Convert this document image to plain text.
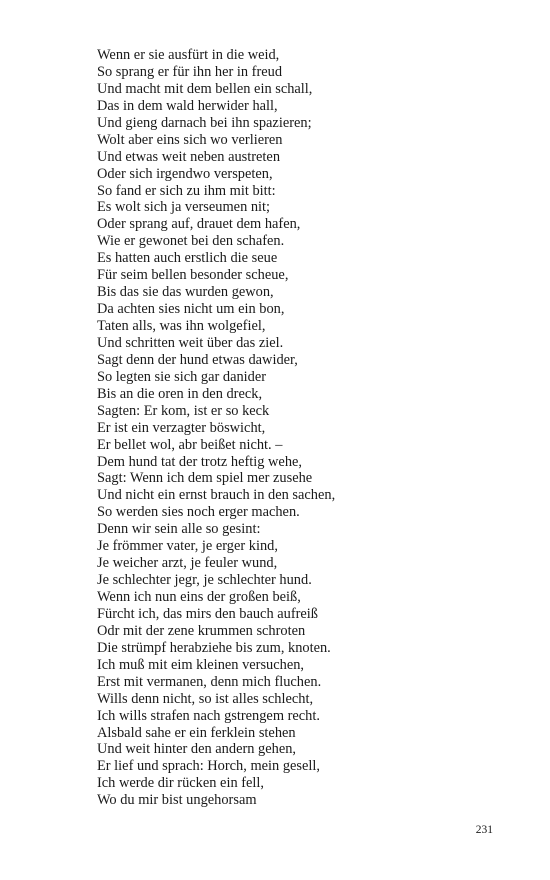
Wenn er sie ausfürt in die weid,
So sprang er für ihn her in freud
Und macht mit dem bellen ein schall,
Das in dem wald herwider hall,
Und gieng darnach bei ihn spazieren;
Wolt aber eins sich wo verlieren
Und etwas weit neben austreten
Oder sich irgendwo verspeten,
So fand er sich zu ihm mit bitt:
Es wolt sich ja verseumen nit;
Oder sprang auf, drauet dem hafen,
Wie er gewonet bei den schafen.
Es hatten auch erstlich die seue
Für seim bellen besonder scheue,
Bis das sie das wurden gewon,
Da achten sies nicht um ein bon,
Taten alls, was ihn wolgefiel,
Und schritten weit über das ziel.
Sagt denn der hund etwas dawider,
So legten sie sich gar danider
Bis an die oren in den dreck,
Sagten: Er kom, ist er so keck
Er ist ein verzagter böswicht,
Er bellet wol, abr beißet nicht. –
Dem hund tat der trotz heftig wehe,
Sagt: Wenn ich dem spiel mer zusehe
Und nicht ein ernst brauch in den sachen,
So werden sies noch erger machen.
Denn wir sein alle so gesint:
Je frömmer vater, je erger kind,
Je weicher arzt, je feuler wund,
Je schlechter jegr, je schlechter hund.
Wenn ich nun eins der großen beiß,
Fürcht ich, das mirs den bauch aufreiß
Odr mit der zene krummen schroten
Die strümpf herabziehe bis zum, knoten.
Ich muß mit eim kleinen versuchen,
Erst mit vermanen, denn mich fluchen.
Wills denn nicht, so ist alles schlecht,
Ich wills strafen nach gstrengem recht.
Alsbald sahe er ein ferklein stehen
Und weit hinter den andern gehen,
Er lief und sprach: Horch, mein gesell,
Ich werde dir rücken ein fell,
Wo du mir bist ungehorsam
231
